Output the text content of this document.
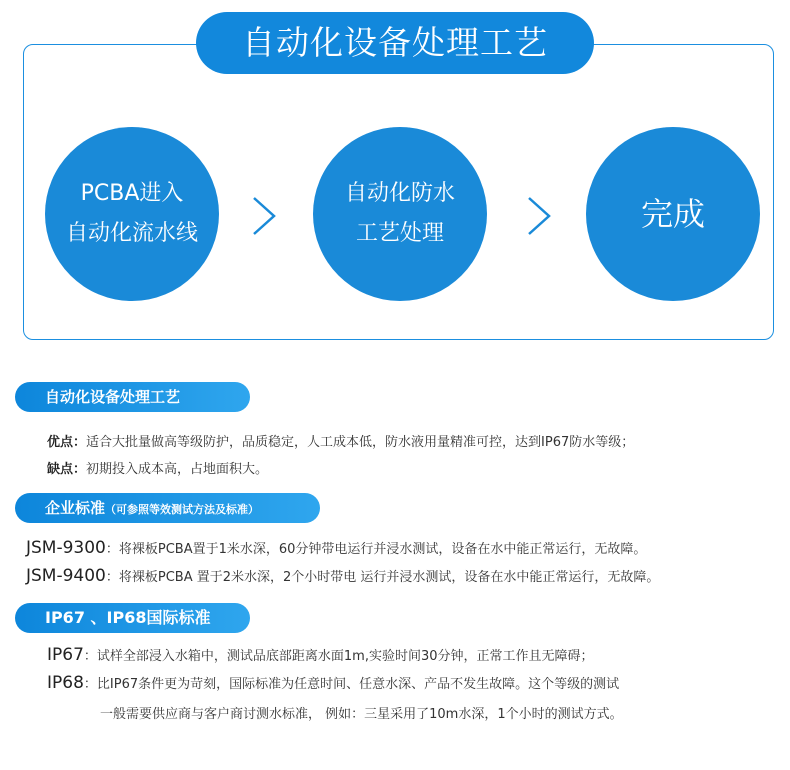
自动化设备处理工艺
PCBA进入
自动化流水线
自动化防水
工艺处理
完成
自动化设备处理工艺
优点：适合大批量做高等级防护，品质稳定，人工成本低，防水液用量精准可控，达到IP67防水等级；
缺点：初期投入成本高，占地面积大。
企业标准（可参照等效测试方法及标准）
JSM-9300：将裸板PCBA置于1米水深，60分钟带电运行并浸水测试，设备在水中能正常运行，无故障。
JSM-9400：将裸板PCBA 置于2米水深，2个小时带电 运行并浸水测试，设备在水中能正常运行，无故障。
IP67 、IP68国际标准
IP67：试样全部浸入水箱中，测试品底部距离水面1m,实验时间30分钟，正常工作且无障碍；
IP68：比IP67条件更为苛刻，国际标准为任意时间、任意水深、产品不发生故障。这个等级的测试
一般需要供应商与客户商讨测水标准， 例如：三星采用了10m水深，1个小时的测试方式。
